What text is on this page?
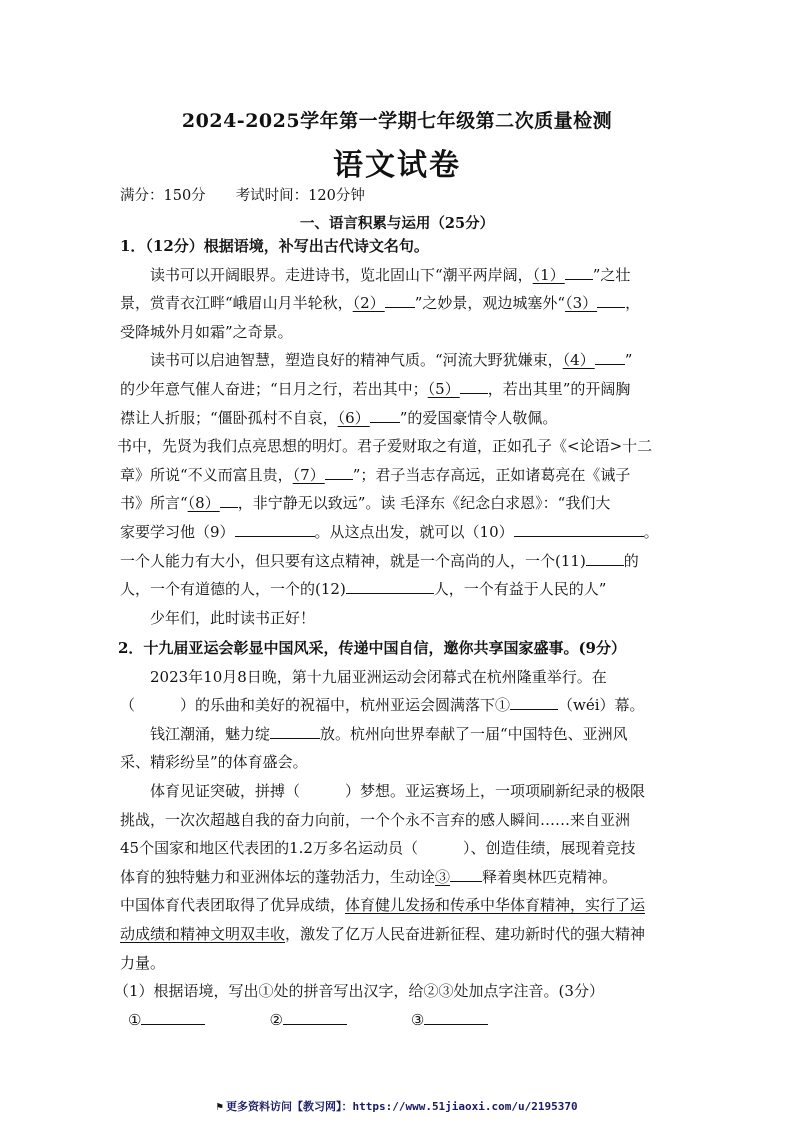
2024-2025学年第一学期七年级第二次质量检测
语文试卷
满分：150分 考试时间：120分钟
一、语言积累与运用（25分）
1．（12分）根据语境，补写出古代诗文名句。
读书可以开阔眼界。走进诗书，览北固山下“潮平两岸阔，（1） ”之壮
景，赏青衣江畔“峨眉山月半轮秋，（2） ”之妙景，观边城塞外“（3） ，
受降城外月如霜”之奇景。
读书可以启迪智慧，塑造良好的精神气质。“河流大野犹嫌束，（4） ”
的少年意气催人奋进；“日月之行，若出其中；（5） ，若出其里”的开阔胸
襟让人折服；“僵卧孤村不自哀，（6） ”的爱国豪情令人敬佩。
书中，先贤为我们点亮思想的明灯。君子爱财取之有道，正如孔子《<论语>十二
章》所说“不义而富且贵，（7） ”；君子当志存高远，正如诸葛亮在《诫子
书》所言“（8） ，非宁静无以致远”。读 毛泽东《纪念白求恩》：“我们大
家要学习他（9）	。从这点出发，就可以（10）	。
一个人能力有大小，但只要有这点精神，就是一个高尚的人，一个(11)	的
人，一个有道德的人，一个的(12)	人，一个有益于人民的人”
少年们，此时读书正好！
2．十九届亚运会彰显中国风采，传递中国自信，邀你共享国家盛事。(9分）
2023年10月8日晚，第十九届亚洲运动会闭幕式在杭州隆重举行。在
（　　　）的乐曲和美好的祝福中，杭州亚运会圆满落下①	（wéi）幕。
钱江潮涌，魅力绽	放。杭州向世界奉献了一届“中国特色、亚洲风
采、精彩纷呈”的体育盛会。
体育见证突破，拼搏（　　　）梦想。亚运赛场上，一项项刷新纪录的极限
挑战，一次次超越自我的奋力向前，一个个永不言弃的感人瞬间……来自亚洲
45个国家和地区代表团的1.2万多名运动员（　　　）、创造佳绩，展现着竞技
体育的独特魅力和亚洲体坛的蓬勃活力，生动诠③ 释着奥林匹克精神。
中国体育代表团取得了优异成绩，体育健儿发扬和传承中华体育精神，实行了运
动成绩和精神文明双丰收，激发了亿万人民奋进新征程、建功新时代的强大精神
力量。
（1）根据语境，写出①处的拼音写出汉字，给②③处加点字注音。(3分）
①	②	③
⚑ 更多资料访问【教习网】：https://www.51jiaoxi.com/u/2195370
